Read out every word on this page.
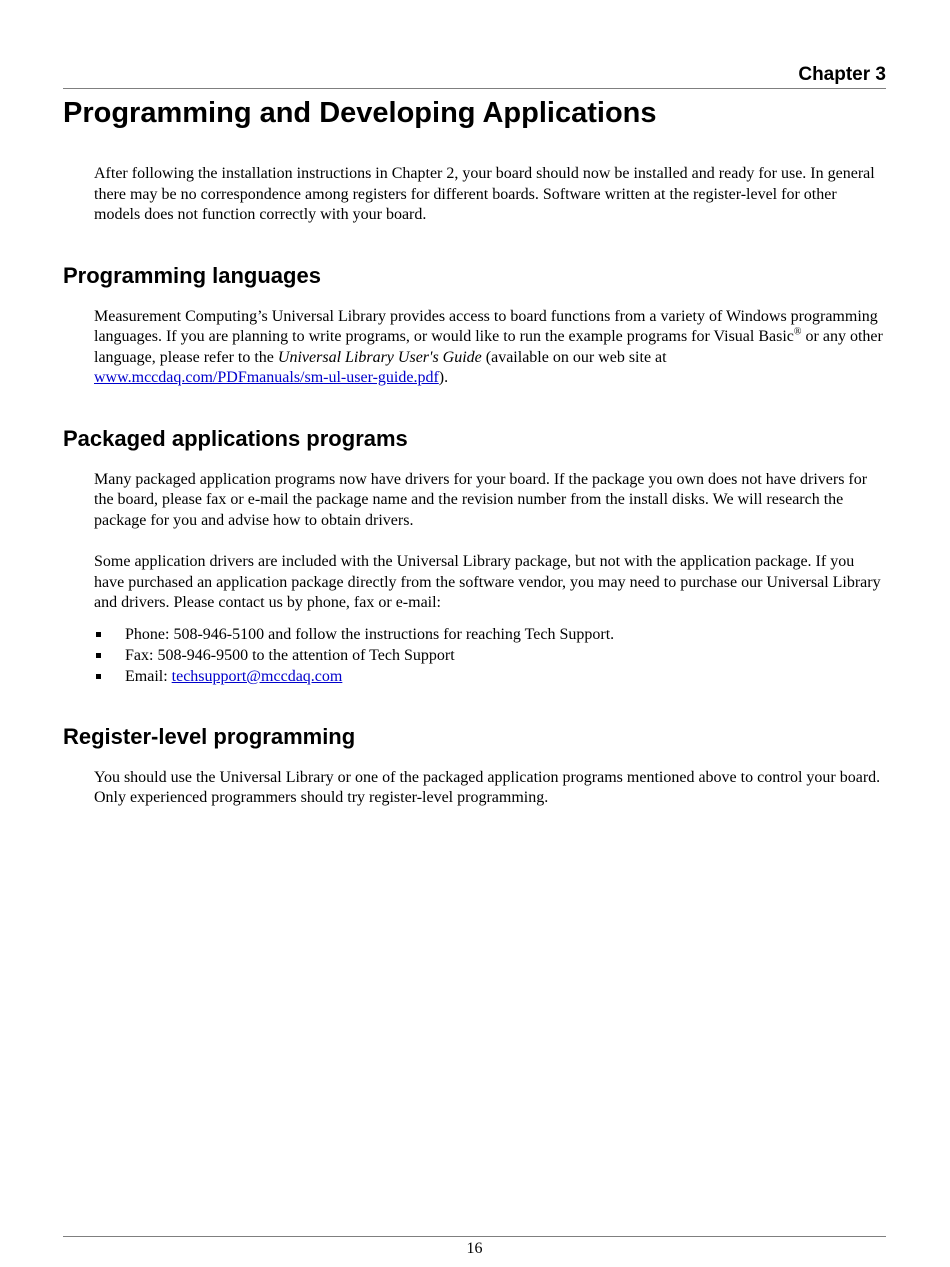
Chapter 3
Programming and Developing Applications

After following the installation instructions in Chapter 2, your board should now be installed and ready for use. In general there may be no correspondence among registers for different boards. Software written at the register-level for other models does not function correctly with your board.

Programming languages

Measurement Computing’s Universal Library provides access to board functions from a variety of Windows programming languages. If you are planning to write programs, or would like to run the example programs for Visual Basic® or any other language, please refer to the Universal Library User's Guide (available on our web site at www.mccdaq.com/PDFmanuals/sm-ul-user-guide.pdf).

Packaged applications programs

Many packaged application programs now have drivers for your board. If the package you own does not have drivers for the board, please fax or e-mail the package name and the revision number from the install disks. We will research the package for you and advise how to obtain drivers.

Some application drivers are included with the Universal Library package, but not with the application package. If you have purchased an application package directly from the software vendor, you may need to purchase our Universal Library and drivers. Please contact us by phone, fax or e-mail:

Phone: 508-946-5100 and follow the instructions for reaching Tech Support.
Fax: 508-946-9500 to the attention of Tech Support
Email: techsupport@mccdaq.com
Register-level programming

You should use the Universal Library or one of the packaged application programs mentioned above to control your board. Only experienced programmers should try register-level programming.

16
